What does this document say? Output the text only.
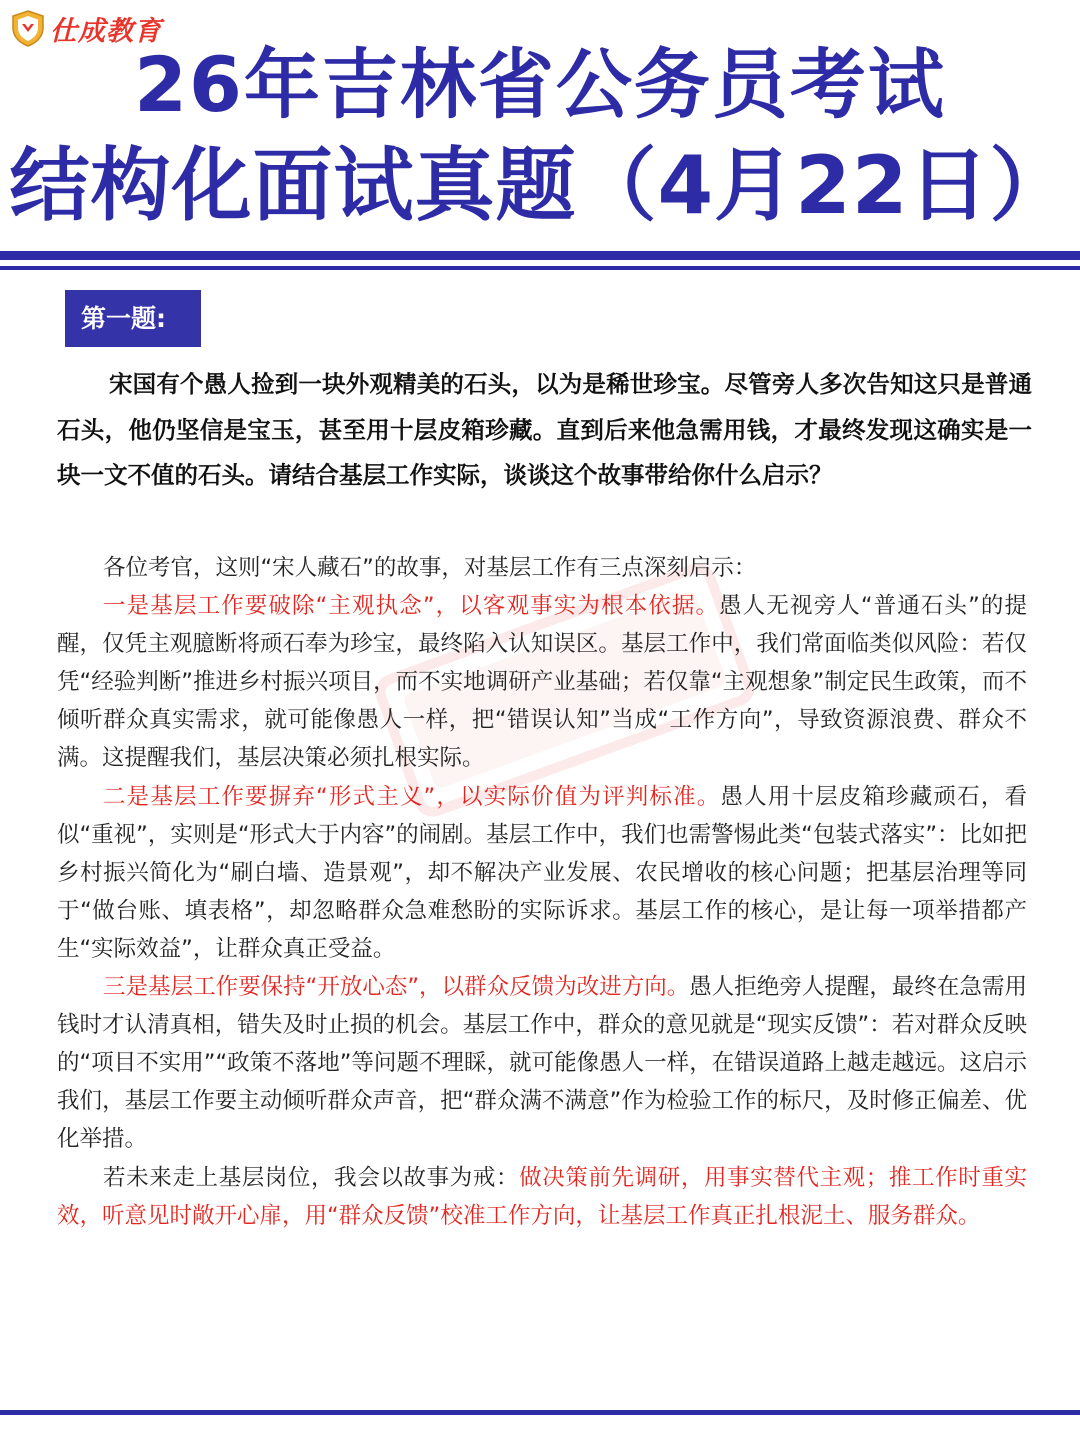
仕成教育
26年吉林省公务员考试
结构化面试真题（4月22日）
第一题:

宋国有个愚人捡到一块外观精美的石头，以为是稀世珍宝。尽管旁人多次告知这只是普通石头，他仍坚信是宝玉，甚至用十层皮箱珍藏。直到后来他急需用钱，才最终发现这确实是一块一文不值的石头。请结合基层工作实际，谈谈这个故事带给你什么启示？

各位考官，这则“宋人藏石”的故事，对基层工作有三点深刻启示：

一是基层工作要破除“主观执念”，以客观事实为根本依据。愚人无视旁人“普通石头”的提醒，仅凭主观臆断将顽石奉为珍宝，最终陷入认知误区。基层工作中，我们常面临类似风险：若仅凭“经验判断”推进乡村振兴项目，而不实地调研产业基础；若仅靠“主观想象”制定民生政策，而不倾听群众真实需求，就可能像愚人一样，把“错误认知”当成“工作方向”，导致资源浪费、群众不满。这提醒我们，基层决策必须扎根实际。

二是基层工作要摒弃“形式主义”，以实际价值为评判标准。愚人用十层皮箱珍藏顽石，看似“重视”，实则是“形式大于内容”的闹剧。基层工作中，我们也需警惕此类“包装式落实”：比如把乡村振兴简化为“刷白墙、造景观”，却不解决产业发展、农民增收的核心问题；把基层治理等同于“做台账、填表格”，却忽略群众急难愁盼的实际诉求。基层工作的核心，是让每一项举措都产生“实际效益”，让群众真正受益。

三是基层工作要保持“开放心态”，以群众反馈为改进方向。愚人拒绝旁人提醒，最终在急需用钱时才认清真相，错失及时止损的机会。基层工作中，群众的意见就是“现实反馈”：若对群众反映的“项目不实用”“政策不落地”等问题不理睬，就可能像愚人一样，在错误道路上越走越远。这启示我们，基层工作要主动倾听群众声音，把“群众满不满意”作为检验工作的标尺，及时修正偏差、优化举措。

若未来走上基层岗位，我会以故事为戒：做决策前先调研，用事实替代主观；推工作时重实效，听意见时敞开心扉，用“群众反馈”校准工作方向，让基层工作真正扎根泥土、服务群众。
